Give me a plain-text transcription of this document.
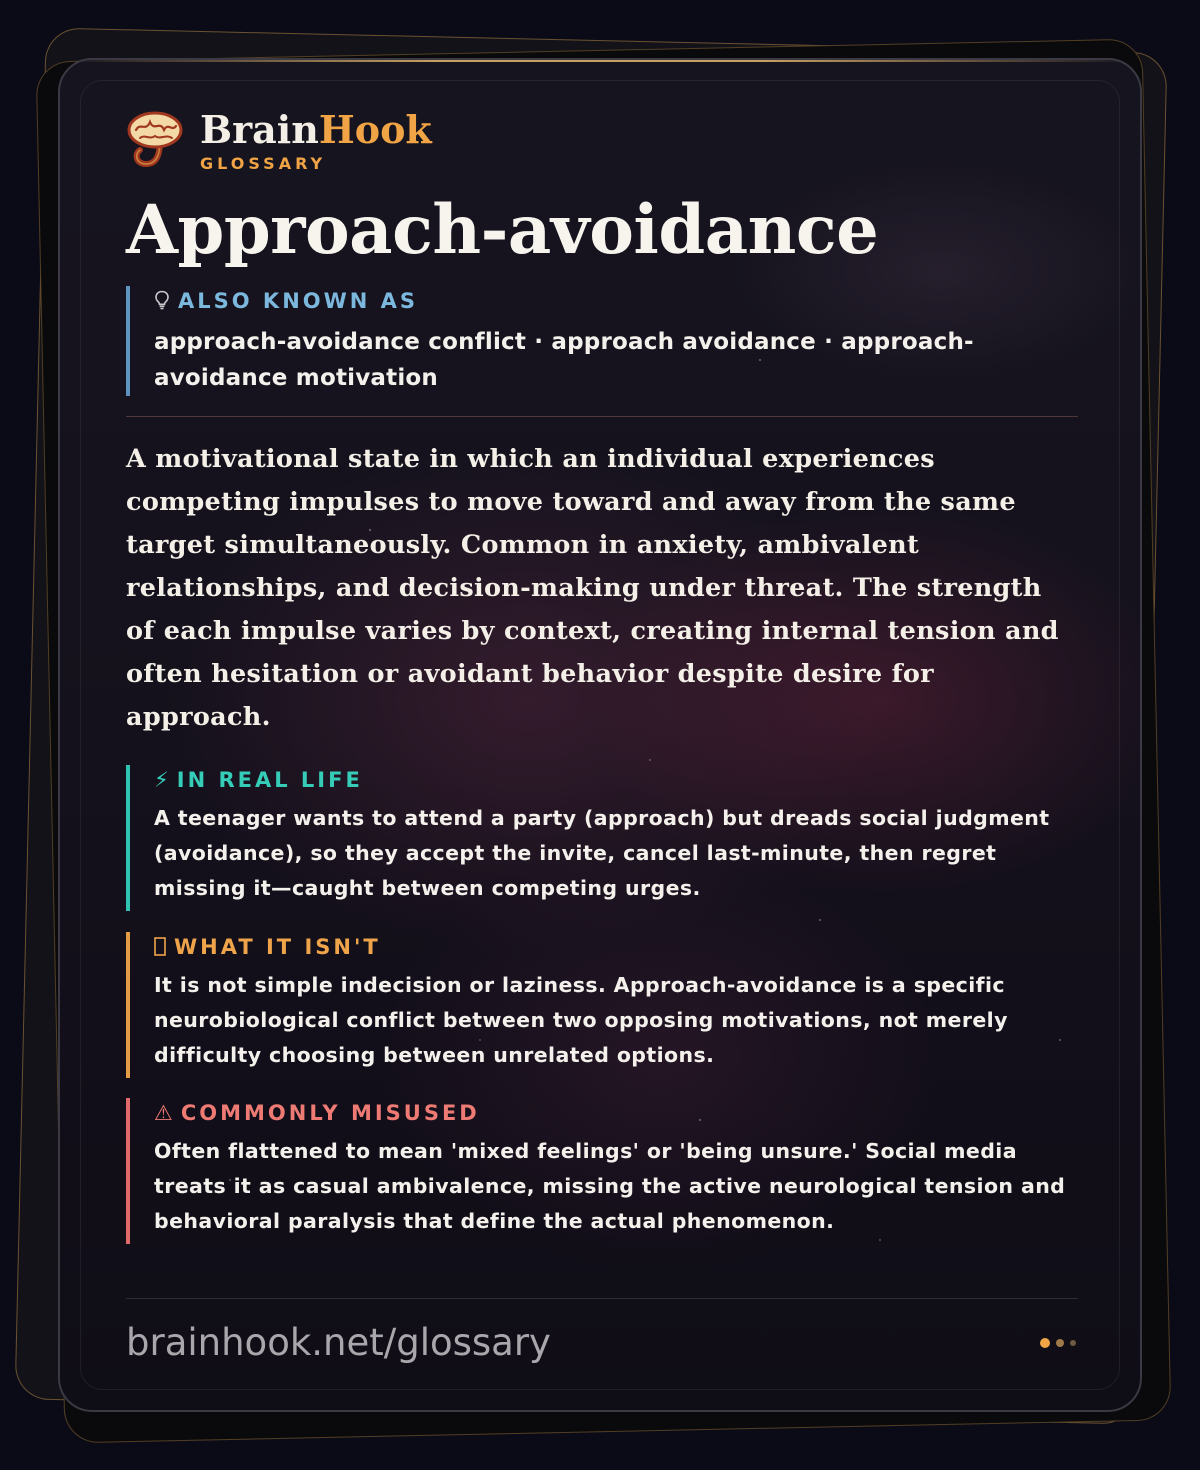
BrainHook
GLOSSARY
Approach-avoidance
ALSO KNOWN AS
approach-avoidance conflict · approach avoidance · approach-avoidance motivation
A motivational state in which an individual experiences competing impulses to move toward and away from the same target simultaneously. Common in anxiety, ambivalent relationships, and decision-making under threat. The strength of each impulse varies by context, creating internal tension and often hesitation or avoidant behavior despite desire for approach.
⚡ IN REAL LIFE
A teenager wants to attend a party (approach) but dreads social judgment (avoidance), so they accept the invite, cancel last-minute, then regret missing it—caught between competing urges.
WHAT IT ISN'T
It is not simple indecision or laziness. Approach-avoidance is a specific neurobiological conflict between two opposing motivations, not merely difficulty choosing between unrelated options.
⚠ COMMONLY MISUSED
Often flattened to mean 'mixed feelings' or 'being unsure.' Social media treats it as casual ambivalence, missing the active neurological tension and behavioral paralysis that define the actual phenomenon.
brainhook.net/glossary
